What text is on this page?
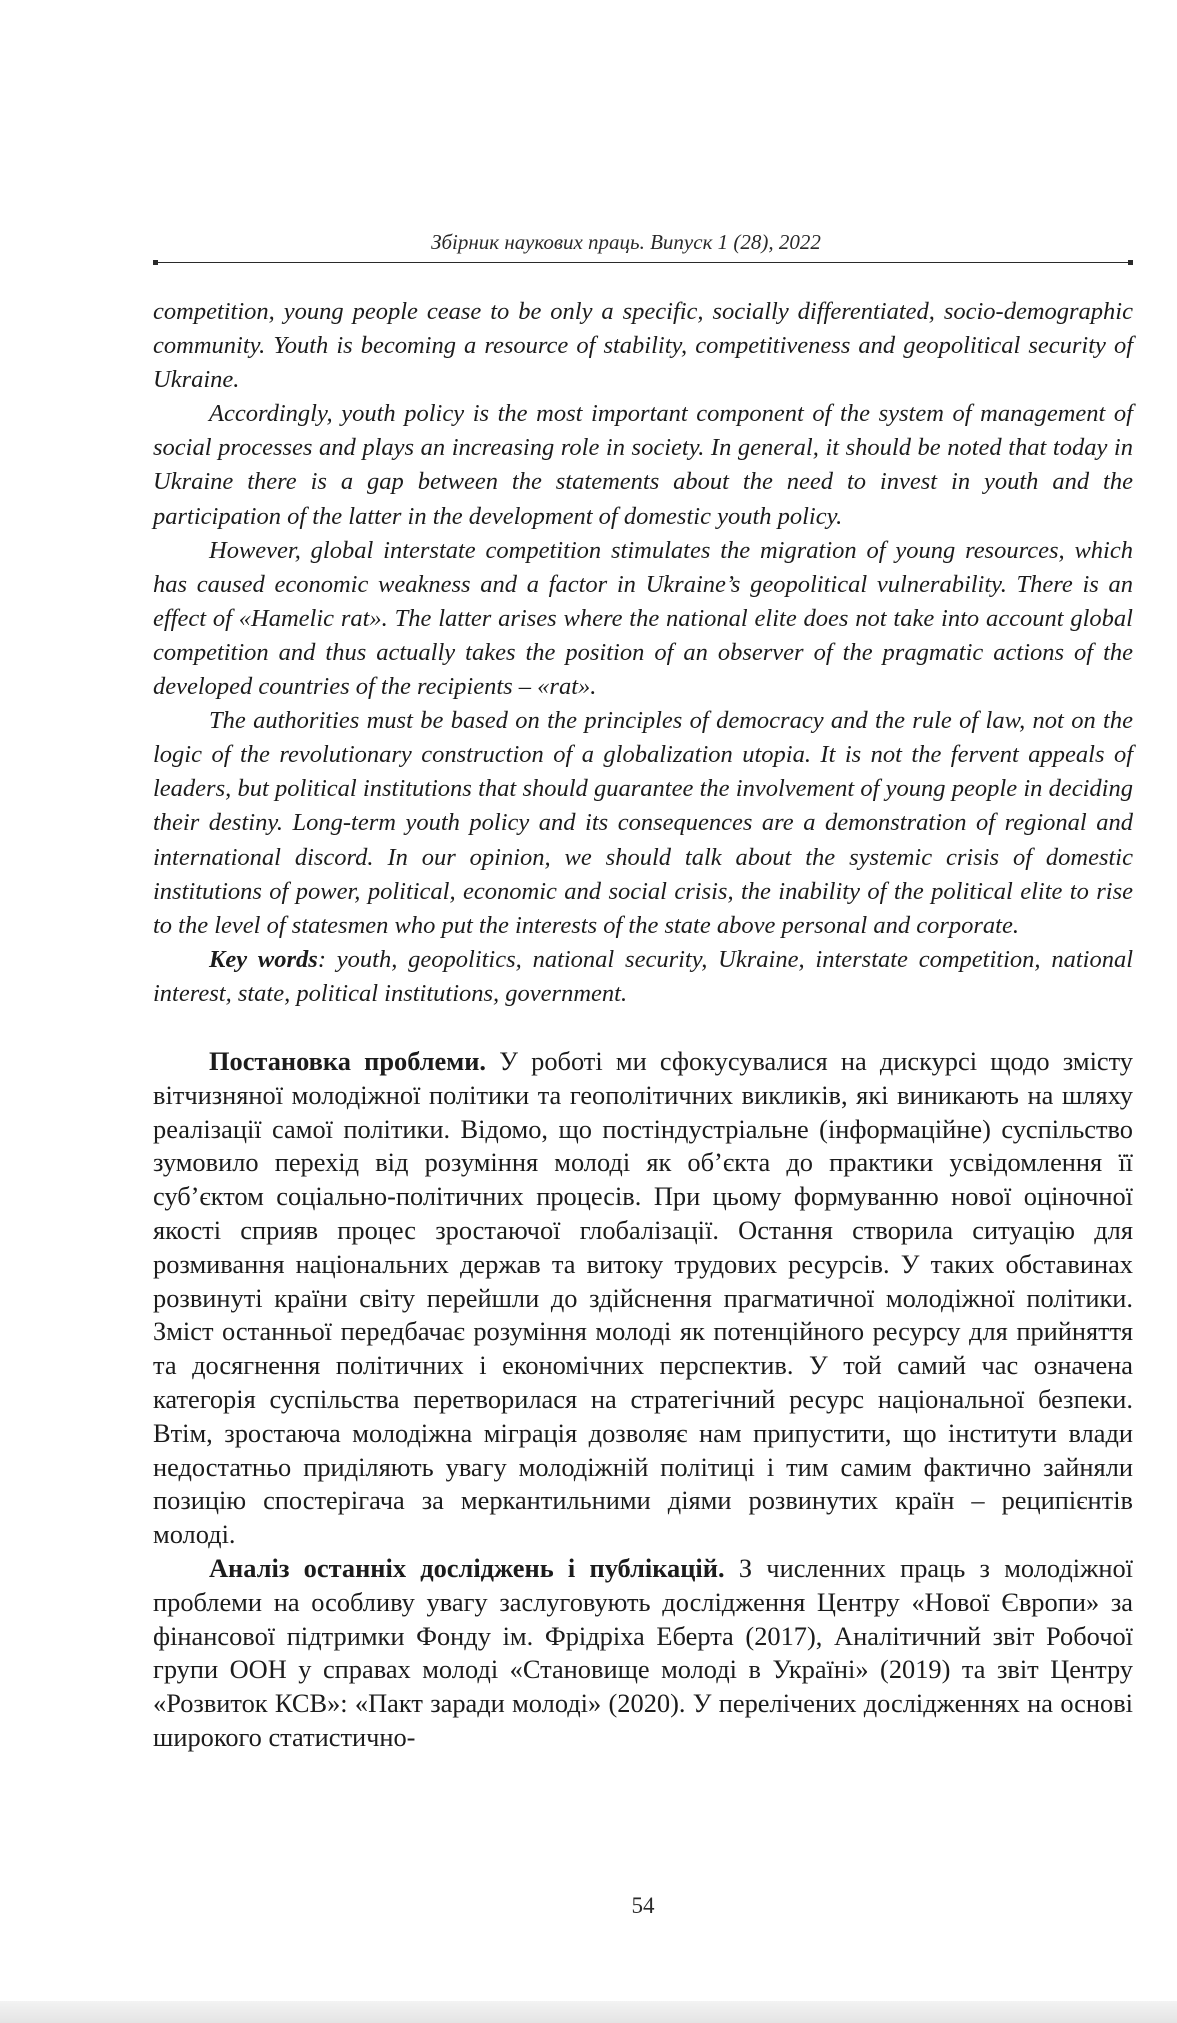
Збірник наукових праць. Випуск 1 (28), 2022

competition, young people cease to be only a specific, socially differentiated, socio-demographic community. Youth is becoming a resource of stability, competitiveness and geopolitical security of Ukraine.

Accordingly, youth policy is the most important component of the system of management of social processes and plays an increasing role in society. In general, it should be noted that today in Ukraine there is a gap between the statements about the need to invest in youth and the participation of the latter in the development of domestic youth policy.

However, global interstate competition stimulates the migration of young resources, which has caused economic weakness and a factor in Ukraine’s geopolitical vulnerability. There is an effect of «Hamelic rat». The latter arises where the national elite does not take into account global competition and thus actually takes the position of an observer of the pragmatic actions of the developed countries of the recipients – «rat».

The authorities must be based on the principles of democracy and the rule of law, not on the logic of the revolutionary construction of a globalization utopia. It is not the fervent appeals of leaders, but political institutions that should guarantee the involvement of young people in deciding their destiny. Long-term youth policy and its consequences are a demonstration of regional and international discord. In our opinion, we should talk about the systemic crisis of domestic institutions of power, political, economic and social crisis, the inability of the political elite to rise to the level of statesmen who put the interests of the state above personal and corporate.

Key words: youth, geopolitics, national security, Ukraine, interstate competition, national interest, state, political institutions, government.

Постановка проблеми. У роботі ми сфокусувалися на дискурсі щодо змісту вітчизняної молодіжної політики та геополітичних викликів, які виникають на шляху реалізації самої політики. Відомо, що постіндустріальне (інформаційне) суспільство зумовило перехід від розуміння молоді як об’єкта до практики усвідомлення її суб’єктом соціально-політичних процесів. При цьому формуванню нової оціночної якості сприяв процес зростаючої глобалізації. Остання створила ситуацію для розмивання національних держав та витоку трудових ресурсів. У таких обставинах розвинуті країни світу перейшли до здійснення прагматичної молодіжної політики. Зміст останньої передбачає розуміння молоді як потенційного ресурсу для прийняття та досягнення політичних і економічних перспектив. У той самий час означена категорія суспільства перетворилася на стратегічний ресурс національної безпеки. Втім, зростаюча молодіжна міграція дозволяє нам припустити, що інститути влади недостатньо приділяють увагу молодіжній політиці і тим самим фактично зайняли позицію спостерігача за меркантильними діями розвинутих країн – реципієнтів молоді.

Аналіз останніх досліджень і публікацій. З численних праць з молодіжної проблеми на особливу увагу заслуговують дослідження Центру «Нової Європи» за фінансової підтримки Фонду ім. Фрідріха Еберта (2017), Аналітичний звіт Робочої групи ООН у справах молоді «Становище молоді в Україні» (2019) та звіт Центру «Розвиток КСВ»: «Пакт заради молоді» (2020). У перелічених дослідженнях на основі широкого статистично-

54
